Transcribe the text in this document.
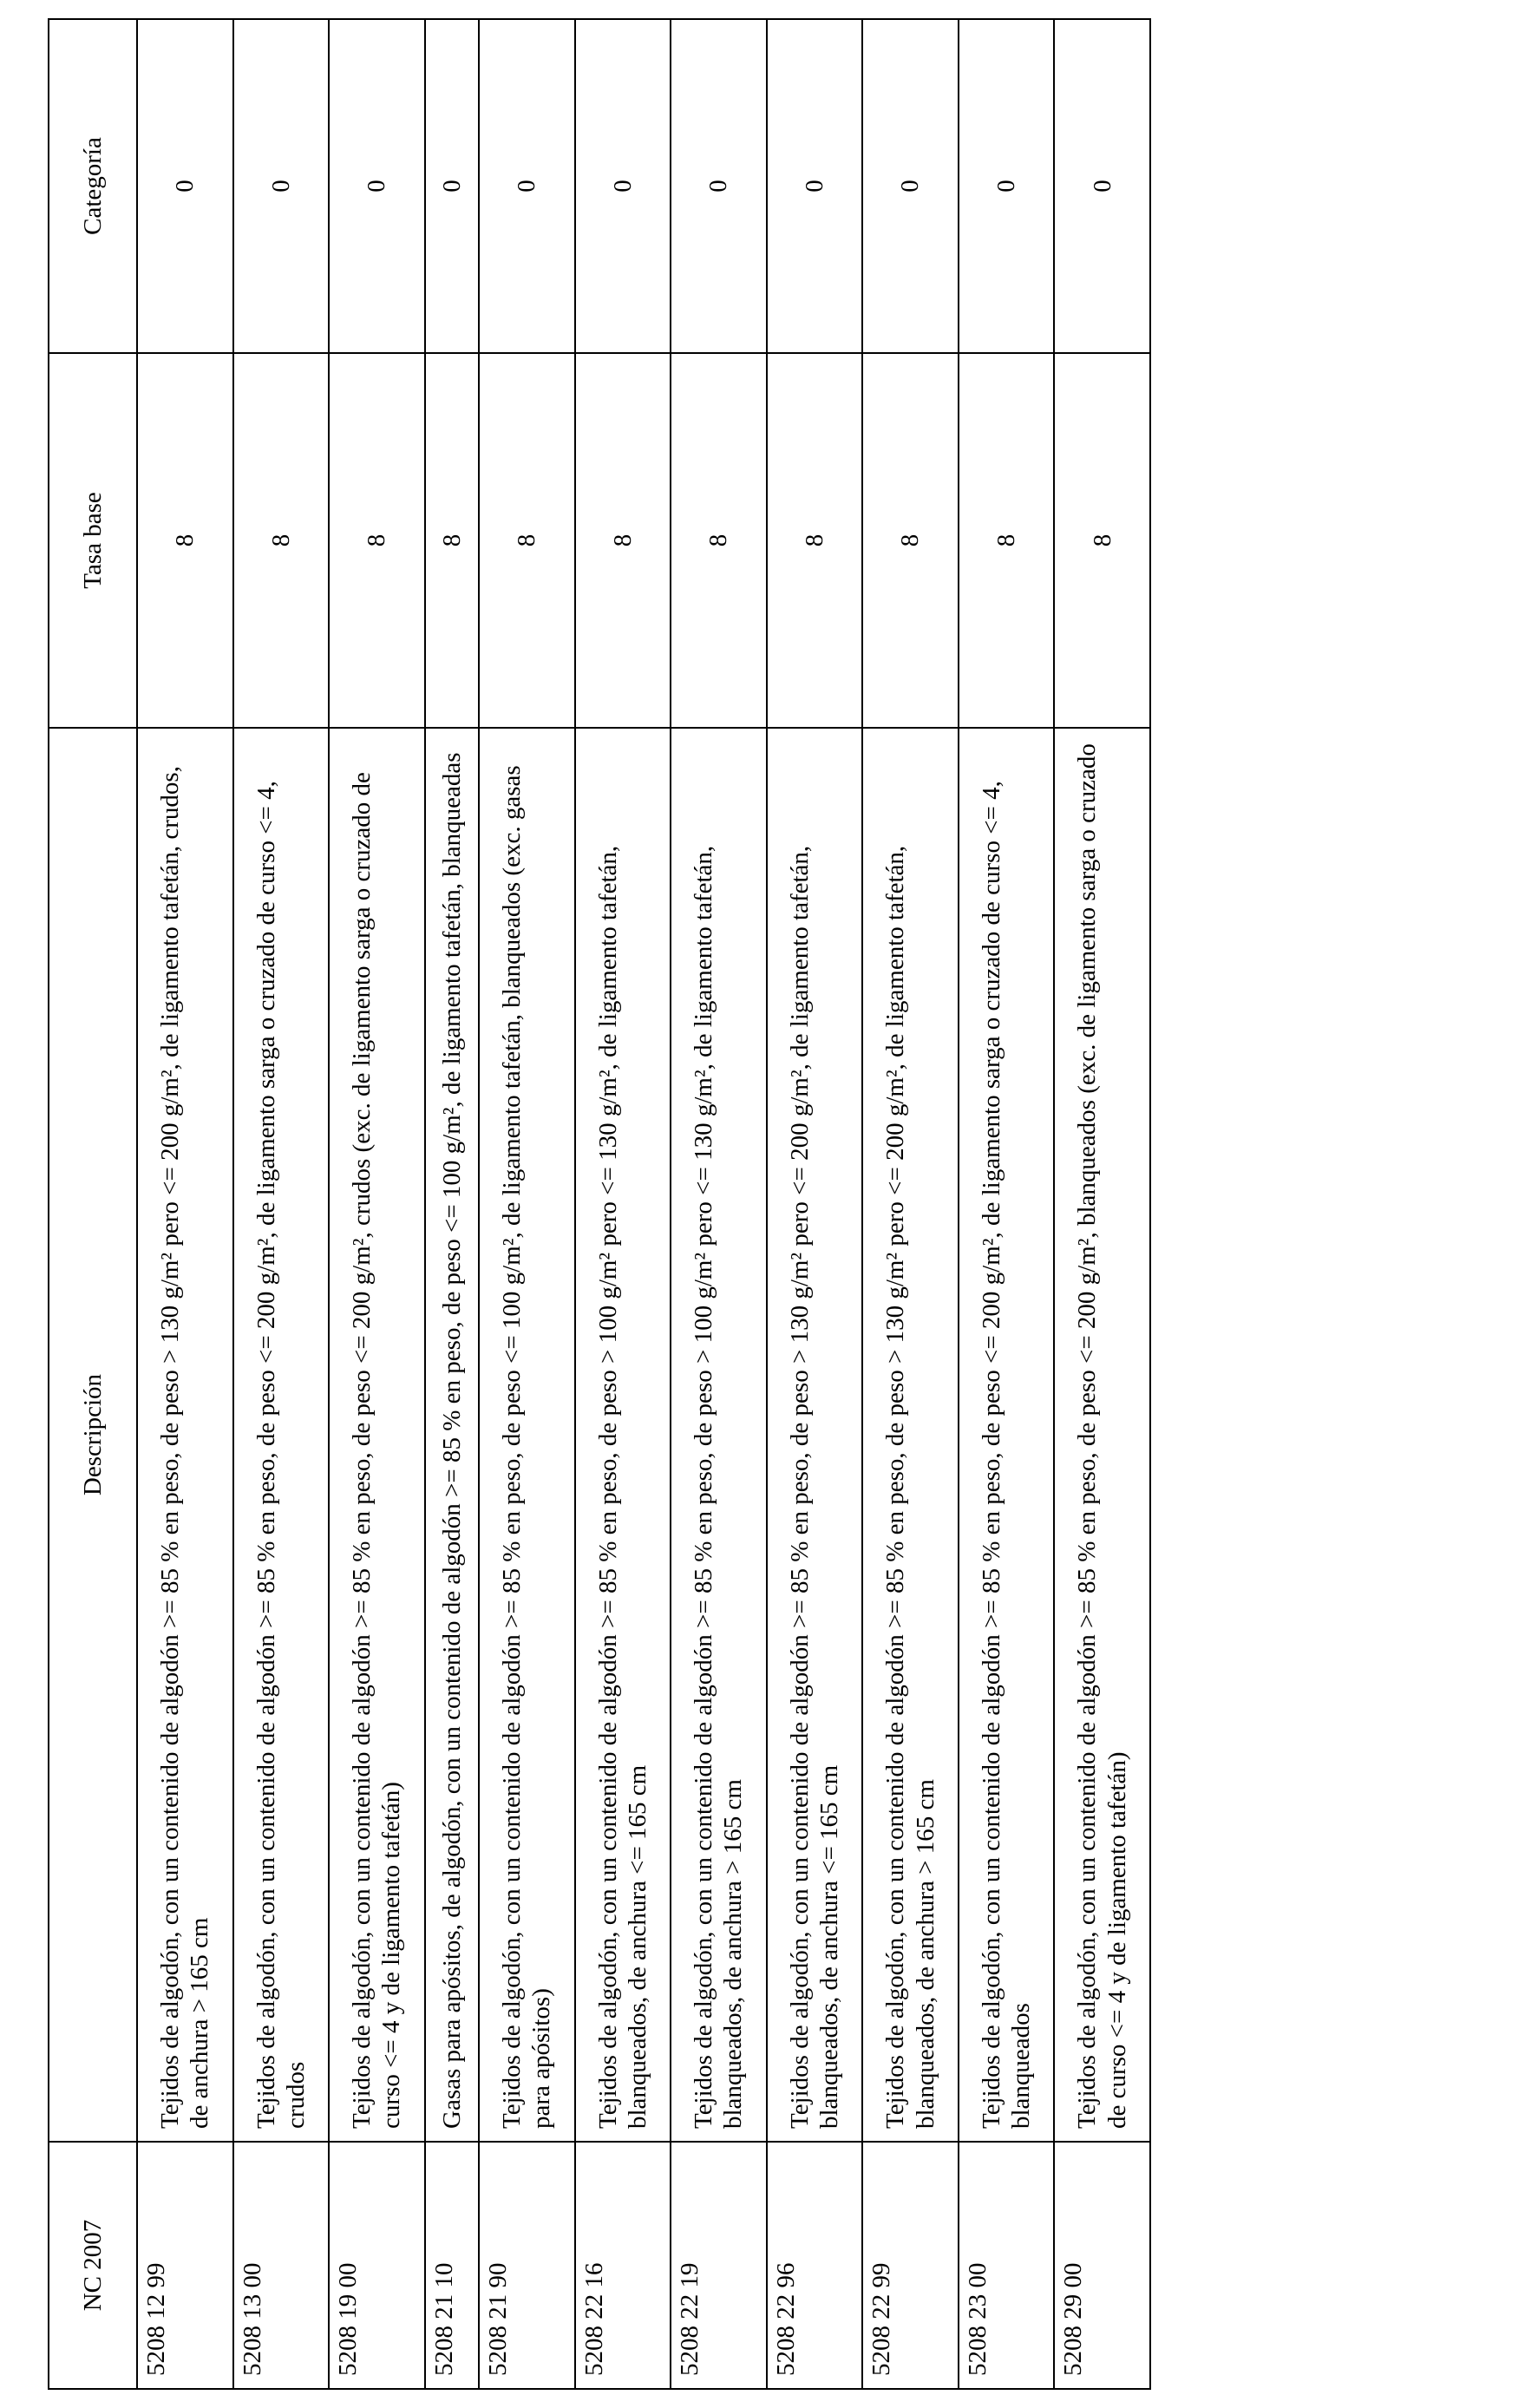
NC 2007	Descripción	Tasa base	Categoría
5208 12 99	Tejidos de algodón, con un contenido de algodón >= 85 % en peso, de peso > 130 g/m² pero <= 200 g/m², de ligamento tafetán, crudos, de anchura > 165 cm	8	0
5208 13 00	Tejidos de algodón, con un contenido de algodón >= 85 % en peso, de peso <= 200 g/m², de ligamento sarga o cruzado de curso <= 4, crudos	8	0
5208 19 00	Tejidos de algodón, con un contenido de algodón >= 85 % en peso, de peso <= 200 g/m², crudos (exc. de ligamento sarga o cruzado de curso <= 4 y de ligamento tafetán)	8	0
5208 21 10	Gasas para apósitos, de algodón, con un contenido de algodón >= 85 % en peso, de peso <= 100 g/m², de ligamento tafetán, blanqueadas	8	0
5208 21 90	Tejidos de algodón, con un contenido de algodón >= 85 % en peso, de peso <= 100 g/m², de ligamento tafetán, blanqueados (exc. gasas para apósitos)	8	0
5208 22 16	Tejidos de algodón, con un contenido de algodón >= 85 % en peso, de peso > 100 g/m² pero <= 130 g/m², de ligamento tafetán, blanqueados, de anchura <= 165 cm	8	0
5208 22 19	Tejidos de algodón, con un contenido de algodón >= 85 % en peso, de peso > 100 g/m² pero <= 130 g/m², de ligamento tafetán, blanqueados, de anchura > 165 cm	8	0
5208 22 96	Tejidos de algodón, con un contenido de algodón >= 85 % en peso, de peso > 130 g/m² pero <= 200 g/m², de ligamento tafetán, blanqueados, de anchura <= 165 cm	8	0
5208 22 99	Tejidos de algodón, con un contenido de algodón >= 85 % en peso, de peso > 130 g/m² pero <= 200 g/m², de ligamento tafetán, blanqueados, de anchura > 165 cm	8	0
5208 23 00	Tejidos de algodón, con un contenido de algodón >= 85 % en peso, de peso <= 200 g/m², de ligamento sarga o cruzado de curso <= 4, blanqueados	8	0
5208 29 00	Tejidos de algodón, con un contenido de algodón >= 85 % en peso, de peso <= 200 g/m², blanqueados (exc. de ligamento sarga o cruzado de curso <= 4 y de ligamento tafetán)	8	0
